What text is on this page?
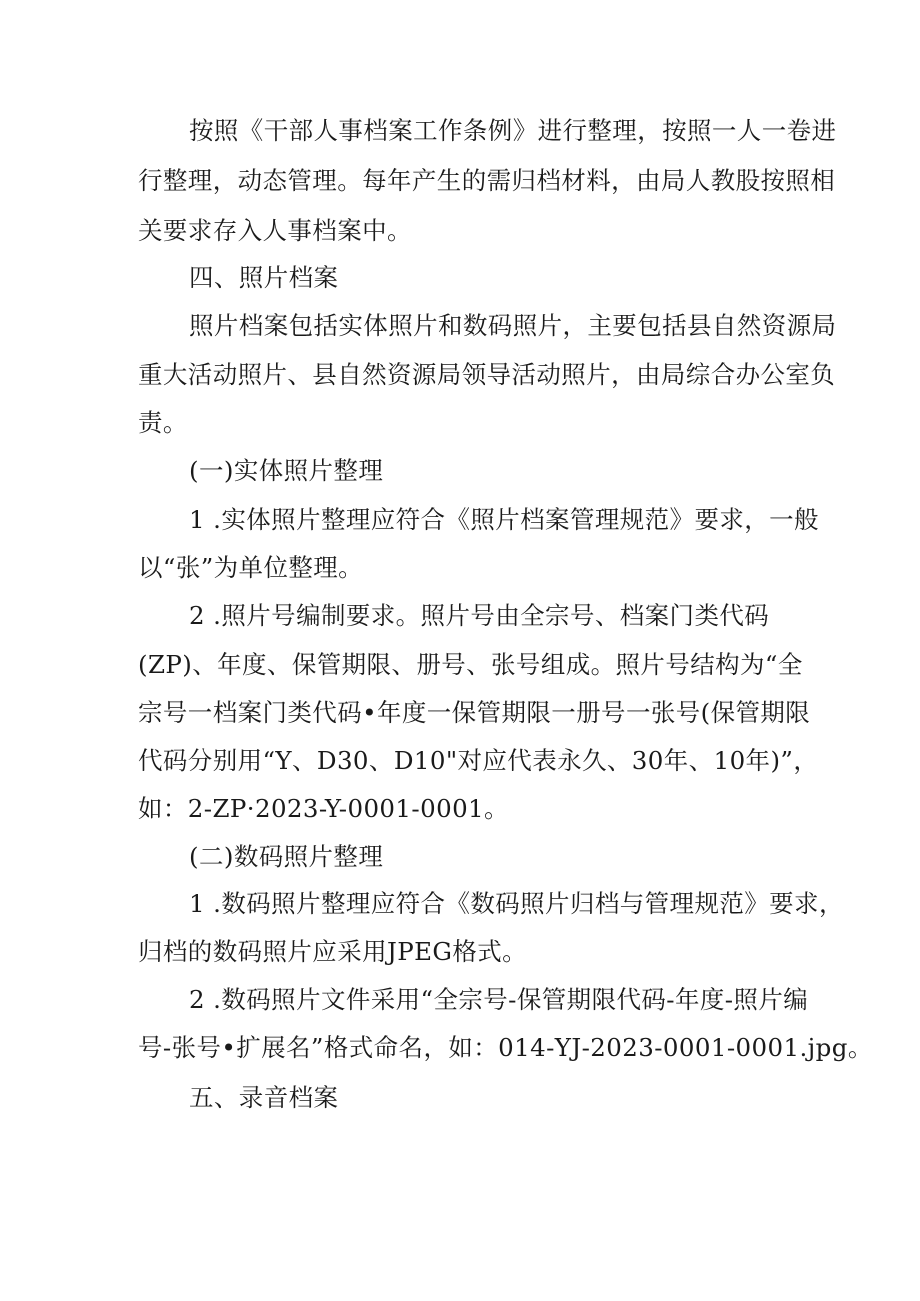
按照《干部人事档案工作条例》进行整理，按照一人一卷进

行整理，动态管理。每年产生的需归档材料，由局人教股按照相

关要求存入人事档案中。

四、照片档案

照片档案包括实体照片和数码照片，主要包括县自然资源局

重大活动照片、县自然资源局领导活动照片，由局综合办公室负

责。

(一)实体照片整理

1 .实体照片整理应符合《照片档案管理规范》要求，一般

以“张”为单位整理。

2 .照片号编制要求。照片号由全宗号、档案门类代码

(ZP)、年度、保管期限、册号、张号组成。照片号结构为“全

宗号一档案门类代码•年度一保管期限一册号一张号(保管期限

代码分别用“Y、D30、D10"对应代表永久、30年、10年)”，

如：2-ZP·2023-Y-0001-0001。

(二)数码照片整理

1 .数码照片整理应符合《数码照片归档与管理规范》要求，

归档的数码照片应采用JPEG格式。

2 .数码照片文件采用“全宗号-保管期限代码-年度-照片编

号-张号•扩展名”格式命名，如：014-YJ-2023-0001-0001.jpg。

五、录音档案
